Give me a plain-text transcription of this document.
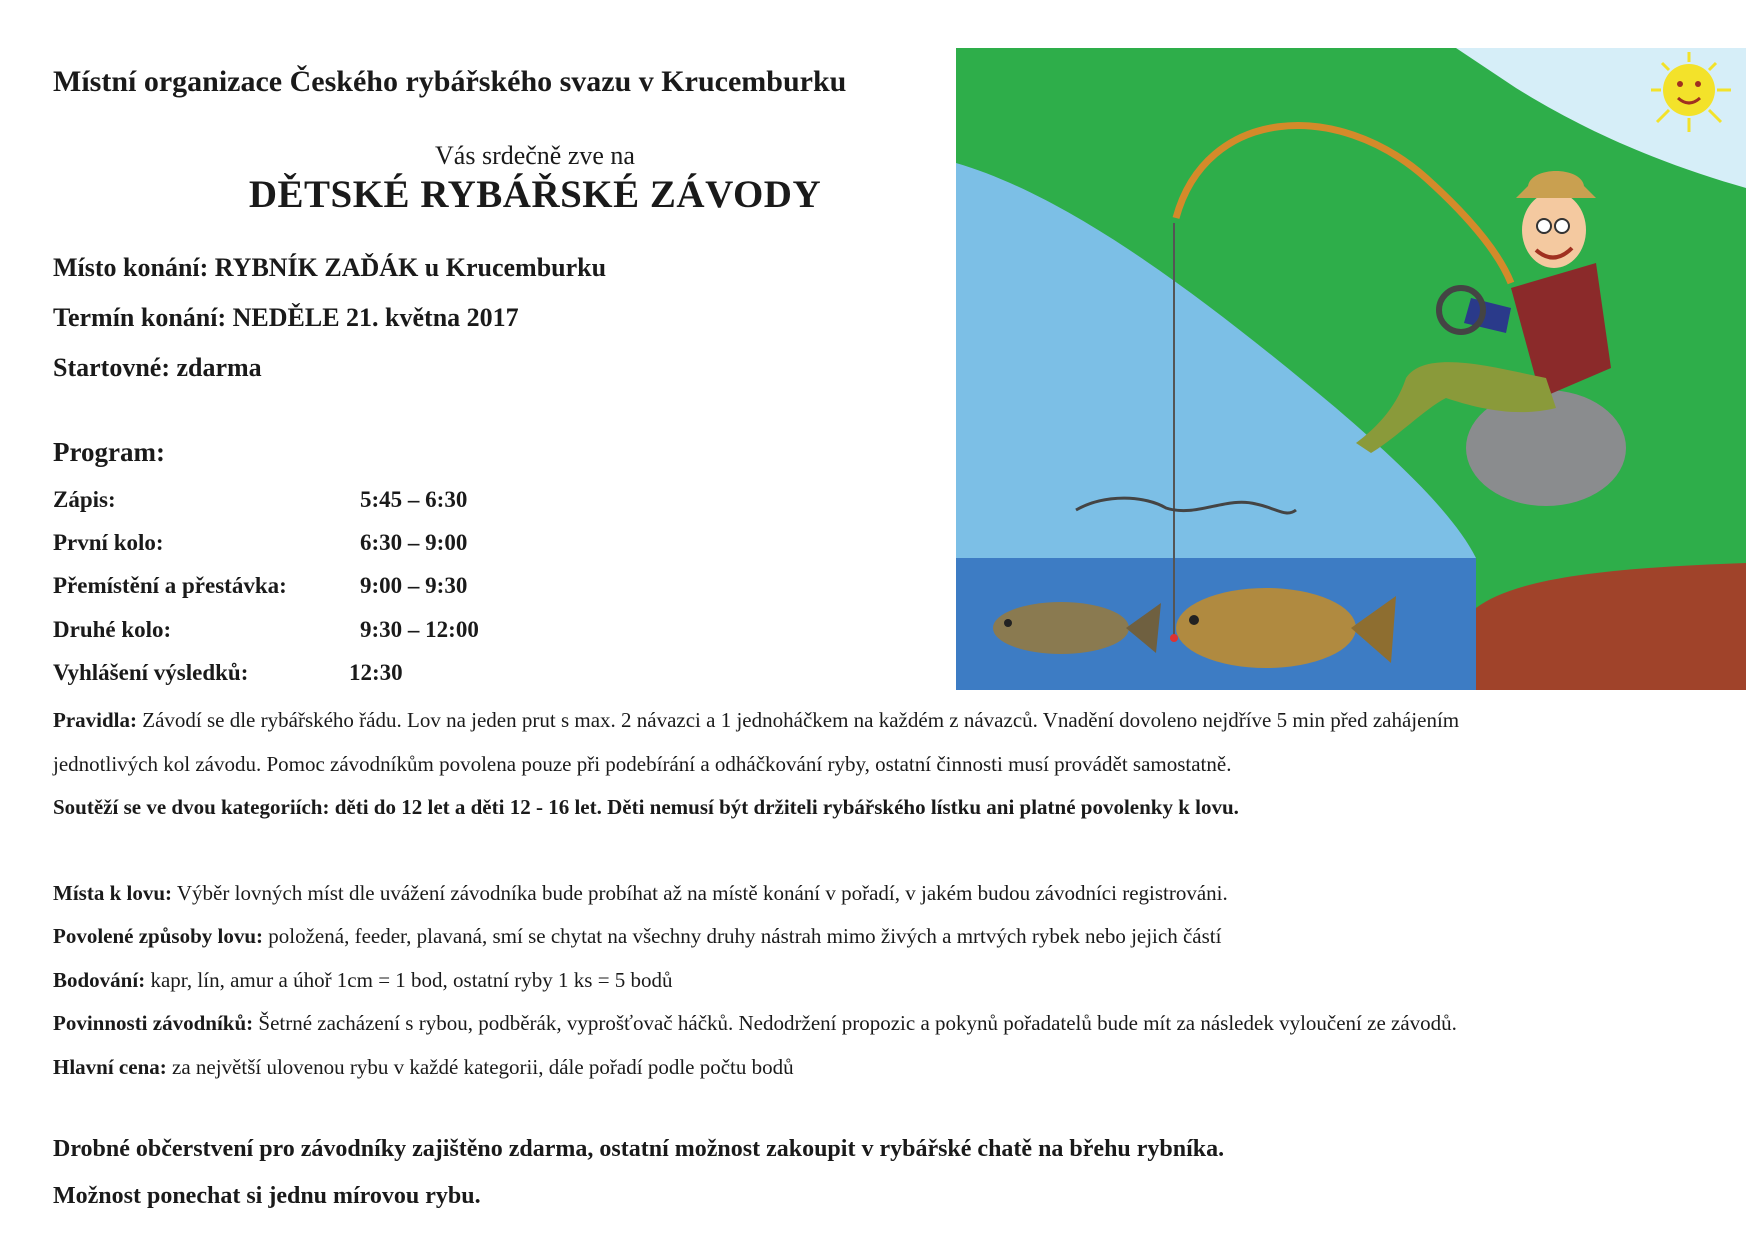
Místní organizace Českého rybářského svazu v Krucemburku
Vás srdečně zve na
DĚTSKÉ RYBÁŘSKÉ ZÁVODY
Místo konání: RYBNÍK ZAĎÁK u Krucemburku
Termín konání: NEDĚLE 21. května 2017
Startovné: zdarma
Program:
Zápis:	5:45 – 6:30
První kolo:	6:30 – 9:00
Přemístění a přestávka:	9:00 – 9:30
Druhé kolo:	9:30 – 12:00
Vyhlášení výsledků:	12:30
Pravidla: Závodí se dle rybářského řádu. Lov na jeden prut s max. 2 návazci a 1 jednoháčkem na každém z návazců. Vnadění dovoleno nejdříve 5 min před zahájením
jednotlivých kol závodu. Pomoc závodníkům povolena pouze při podebírání a odháčkování ryby, ostatní činnosti musí provádět samostatně.
Soutěží se ve dvou kategoriích: děti do 12 let a děti 12 - 16 let. Děti nemusí být držiteli rybářského lístku ani platné povolenky k lovu.
Místa k lovu: Výběr lovných míst dle uvážení závodníka bude probíhat až na místě konání v pořadí, v jakém budou závodníci registrováni.
Povolené způsoby lovu: položená, feeder, plavaná, smí se chytat na všechny druhy nástrah mimo živých a mrtvých rybek nebo jejich částí
Bodování: kapr, lín, amur a úhoř 1cm = 1 bod, ostatní ryby 1 ks = 5 bodů
Povinnosti závodníků: Šetrné zacházení s rybou, podběrák, vyprošťovač háčků. Nedodržení propozic a pokynů pořadatelů bude mít za následek vyloučení ze závodů.
Hlavní cena: za největší ulovenou rybu v každé kategorii, dále pořadí podle počtu bodů
Drobné občerstvení pro závodníky zajištěno zdarma, ostatní možnost zakoupit v rybářské chatě na břehu rybníka.
Možnost ponechat si jednu mírovou rybu.
